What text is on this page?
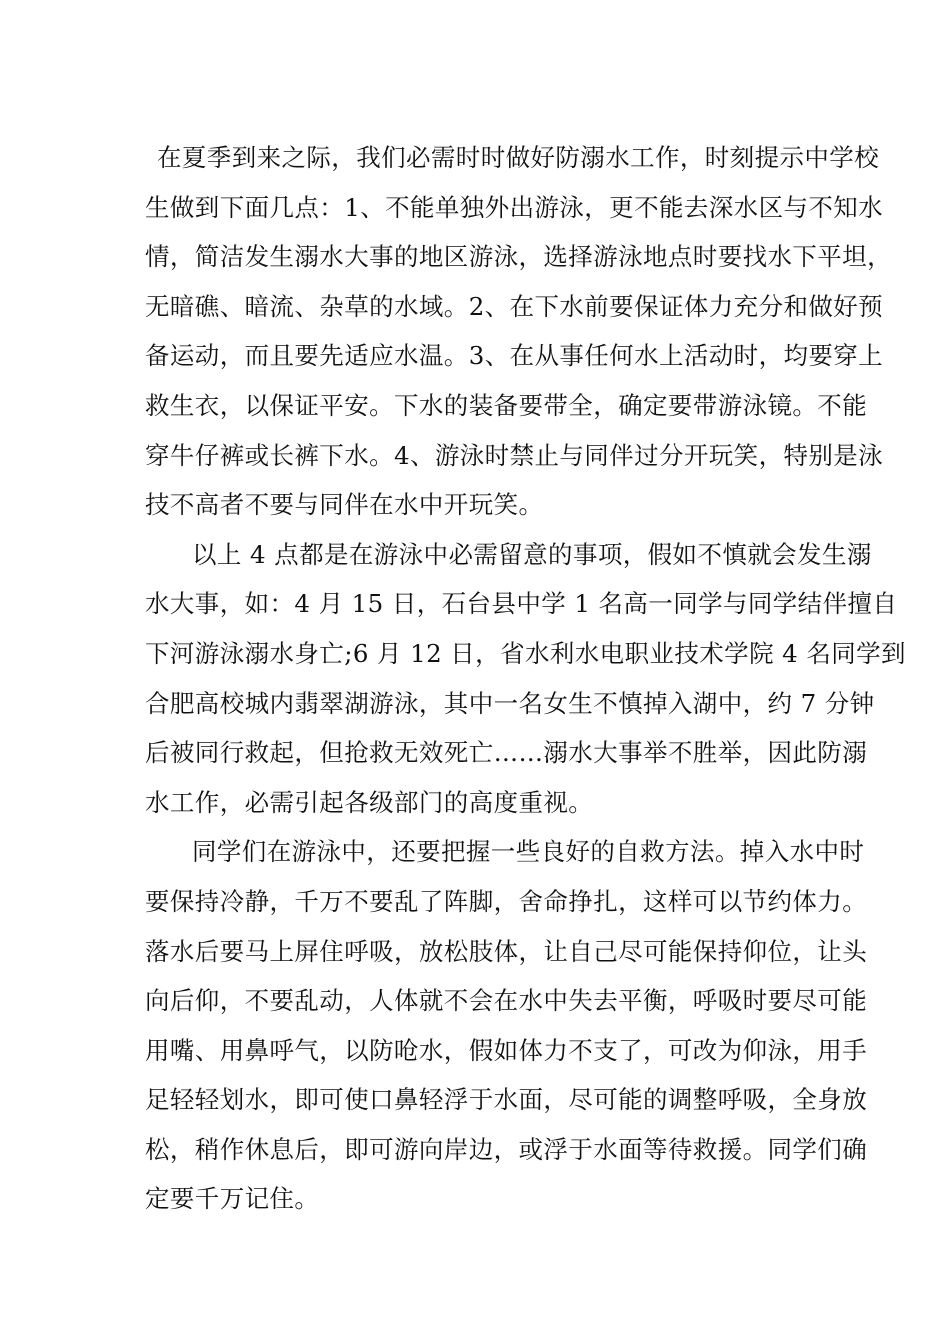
在夏季到来之际，我们必需时时做好防溺水工作，时刻提示中学校
生做到下面几点：1、不能单独外出游泳，更不能去深水区与不知水
情，简洁发生溺水大事的地区游泳，选择游泳地点时要找水下平坦，
无暗礁、暗流、杂草的水域。2、在下水前要保证体力充分和做好预
备运动，而且要先适应水温。3、在从事任何水上活动时，均要穿上
救生衣，以保证平安。下水的装备要带全，确定要带游泳镜。不能
穿牛仔裤或长裤下水。4、游泳时禁止与同伴过分开玩笑，特别是泳
技不高者不要与同伴在水中开玩笑。
以上 4 点都是在游泳中必需留意的事项，假如不慎就会发生溺
水大事，如：4 月 15 日，石台县中学 1 名高一同学与同学结伴擅自
下河游泳溺水身亡;6 月 12 日，省水利水电职业技术学院 4 名同学到
合肥高校城内翡翠湖游泳，其中一名女生不慎掉入湖中，约 7 分钟
后被同行救起，但抢救无效死亡……溺水大事举不胜举，因此防溺
水工作，必需引起各级部门的高度重视。
同学们在游泳中，还要把握一些良好的自救方法。掉入水中时
要保持冷静，千万不要乱了阵脚，舍命挣扎，这样可以节约体力。
落水后要马上屏住呼吸，放松肢体，让自己尽可能保持仰位，让头
向后仰，不要乱动，人体就不会在水中失去平衡，呼吸时要尽可能
用嘴、用鼻呼气，以防呛水，假如体力不支了，可改为仰泳，用手
足轻轻划水，即可使口鼻轻浮于水面，尽可能的调整呼吸，全身放
松，稍作休息后，即可游向岸边，或浮于水面等待救援。同学们确
定要千万记住。
